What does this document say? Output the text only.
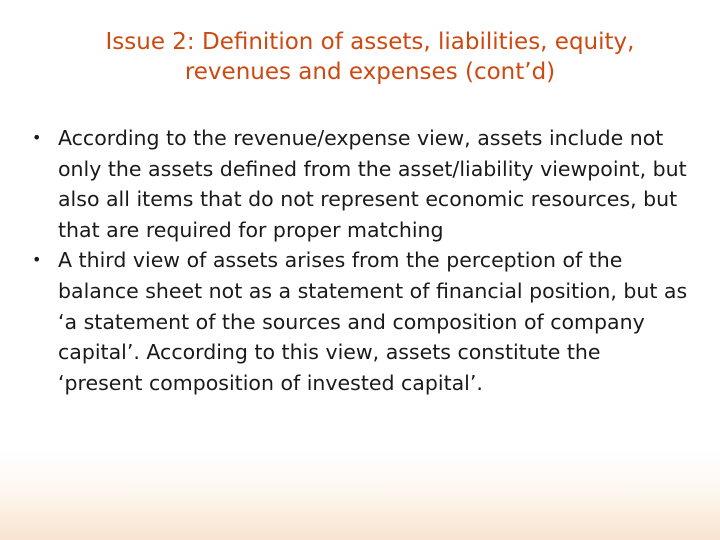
Issue 2: Definition of assets, liabilities, equity, revenues and expenses (cont’d)
• According to the revenue/expense view, assets include not only the assets defined from the asset/liability viewpoint, but also all items that do not represent economic resources, but that are required for proper matching
• A third view of assets arises from the perception of the balance sheet not as a statement of financial position, but as ‘a statement of the sources and composition of company capital’. According to this view, assets constitute the ‘present composition of invested capital’.
